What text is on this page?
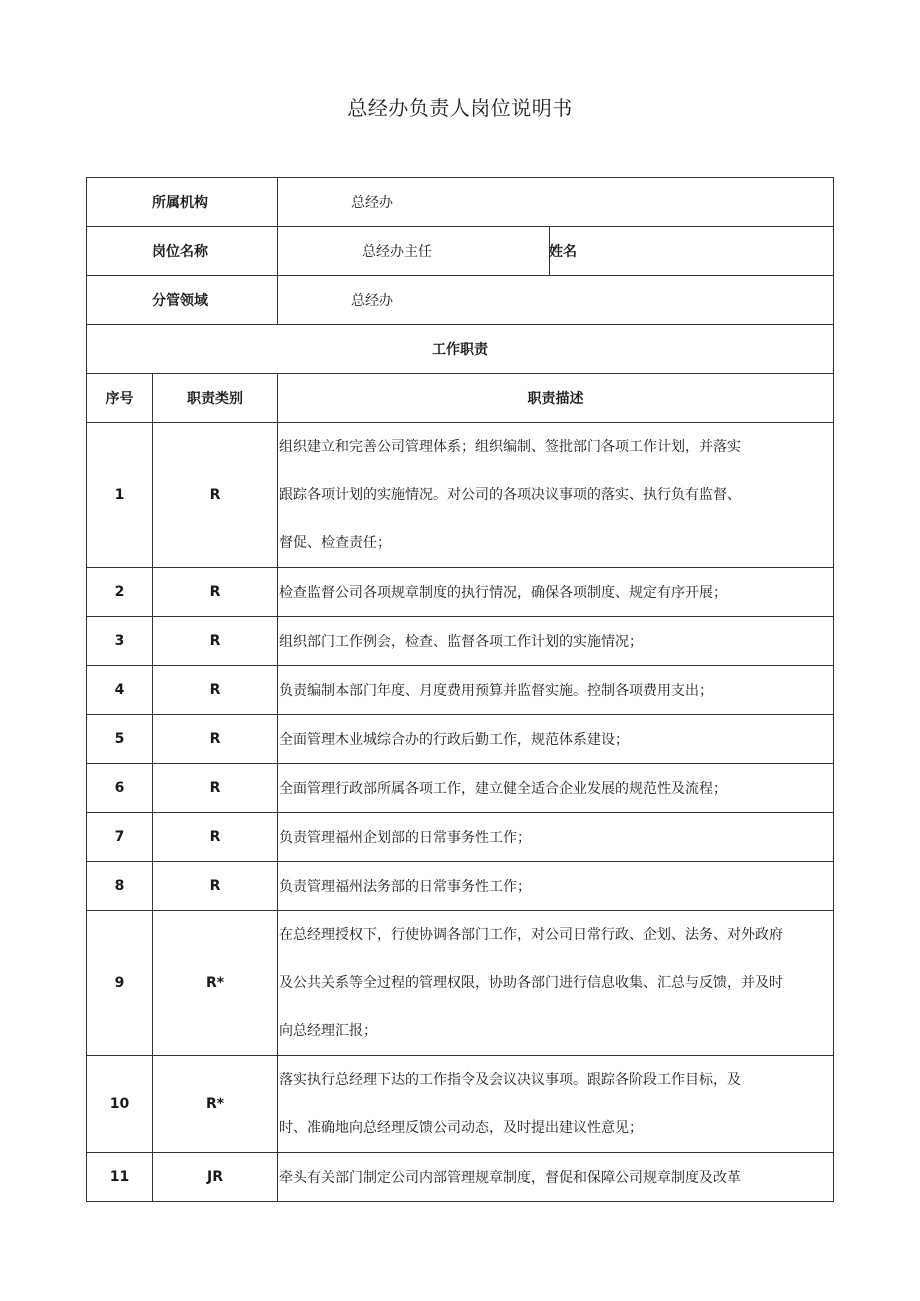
总经办负责人岗位说明书
所属机构		总经办	
岗位名称		总经办主任	姓名

分管领域		总经办	
工作职责			
序号	职责类别	职责描述	
1	R	组织建立和完善公司管理体系；组织编制、签批部门各项工作计划，并落实
跟踪各项计划的实施情况。对公司的各项决议事项的落实、执行负有监督、
督促、检查责任；	

2	R	检查监督公司各项规章制度的执行情况，确保各项制度、规定有序开展；	

3	R	组织部门工作例会，检查、监督各项工作计划的实施情况；	

4	R	负责编制本部门年度、月度费用预算并监督实施。控制各项费用支出；	

5	R	全面管理木业城综合办的行政后勤工作，规范体系建设；	

6	R	全面管理行政部所属各项工作，建立健全适合企业发展的规范性及流程；	

7	R	负责管理福州企划部的日常事务性工作；	

8	R	负责管理福州法务部的日常事务性工作；	

9	R*	在总经理授权下，行使协调各部门工作，对公司日常行政、企划、法务、对外政府
及公共关系等全过程的管理权限，协助各部门进行信息收集、汇总与反馈，并及时
向总经理汇报；	

10	R*	落实执行总经理下达的工作指令及会议决议事项。跟踪各阶段工作目标，及
时、准确地向总经理反馈公司动态，及时提出建议性意见；	

11	JR	牵头有关部门制定公司内部管理规章制度，督促和保障公司规章制度及改革	
